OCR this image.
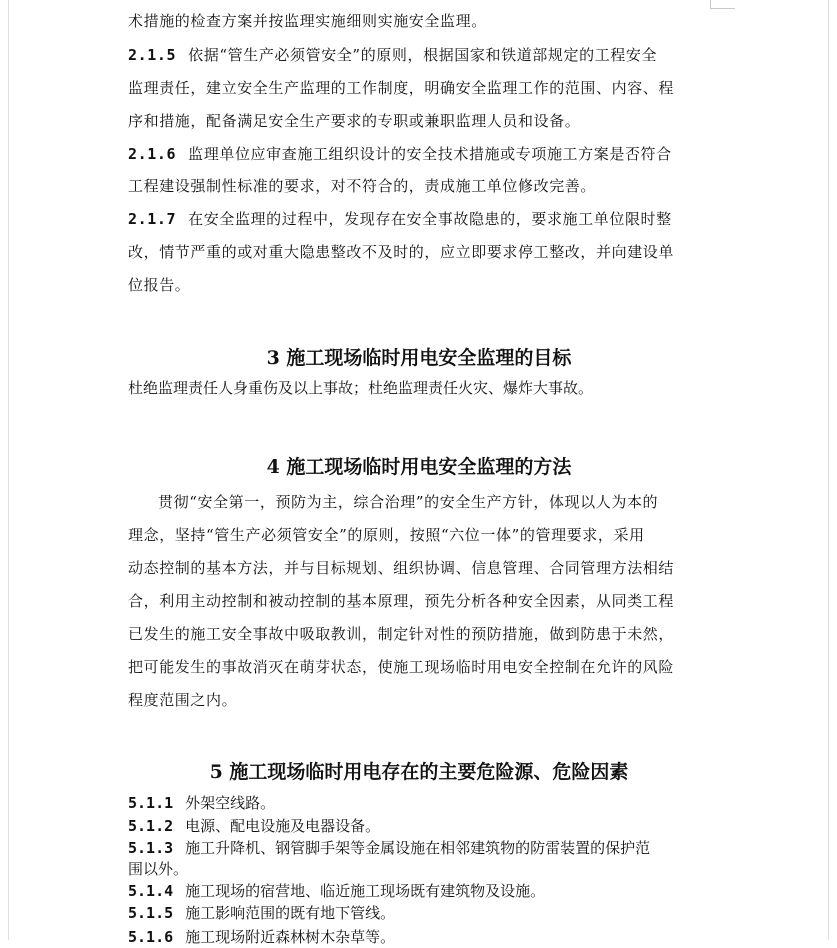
术措施的检查方案并按监理实施细则实施安全监理。
2.1.5 依据“管生产必须管安全”的原则，根据国家和铁道部规定的工程安全
监理责任，建立安全生产监理的工作制度，明确安全监理工作的范围、内容、程
序和措施，配备满足安全生产要求的专职或兼职监理人员和设备。
2.1.6 监理单位应审查施工组织设计的安全技术措施或专项施工方案是否符合
工程建设强制性标准的要求，对不符合的，责成施工单位修改完善。
2.1.7 在安全监理的过程中，发现存在安全事故隐患的，要求施工单位限时整
改，情节严重的或对重大隐患整改不及时的，应立即要求停工整改，并向建设单
位报告。
3 施工现场临时用电安全监理的目标
杜绝监理责任人身重伤及以上事故；杜绝监理责任火灾、爆炸大事故。
4 施工现场临时用电安全监理的方法
贯彻“安全第一，预防为主，综合治理”的安全生产方针，体现以人为本的
理念，坚持“管生产必须管安全”的原则，按照“六位一体”的管理要求，采用
动态控制的基本方法，并与目标规划、组织协调、信息管理、合同管理方法相结
合，利用主动控制和被动控制的基本原理，预先分析各种安全因素，从同类工程
已发生的施工安全事故中吸取教训，制定针对性的预防措施，做到防患于未然，
把可能发生的事故消灭在萌芽状态，使施工现场临时用电安全控制在允许的风险
程度范围之内。
5 施工现场临时用电存在的主要危险源、危险因素
5.1.1 外架空线路。
5.1.2 电源、配电设施及电器设备。
5.1.3 施工升降机、钢管脚手架等金属设施在相邻建筑物的防雷装置的保护范
围以外。
5.1.4 施工现场的宿营地、临近施工现场既有建筑物及设施。
5.1.5 施工影响范围的既有地下管线。
5.1.6 施工现场附近森林树木杂草等。
